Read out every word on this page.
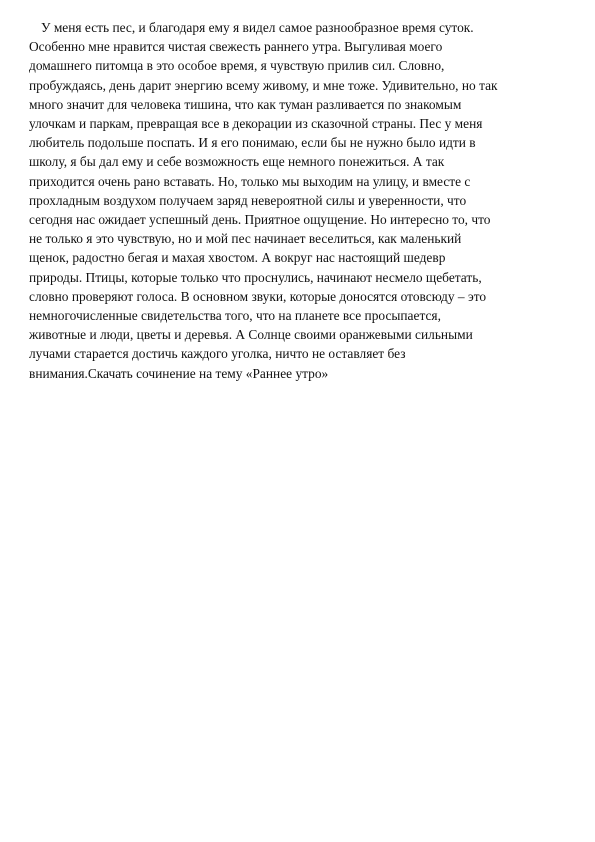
У меня есть пес, и благодаря ему я видел самое разнообразное время суток.
Особенно мне нравится чистая свежесть раннего утра. Выгуливая моего
домашнего питомца в это особое время, я чувствую прилив сил. Словно,
пробуждаясь, день дарит энергию всему живому, и мне тоже. Удивительно, но так
много значит для человека тишина, что как туман разливается по знакомым
улочкам и паркам, превращая все в декорации из сказочной страны. Пес у меня
любитель подольше поспать. И я его понимаю, если бы не нужно было идти в
школу, я бы дал ему и себе возможность еще немного понежиться. А так
приходится очень рано вставать. Но, только мы выходим на улицу, и вместе с
прохладным воздухом получаем заряд невероятной силы и уверенности, что
сегодня нас ожидает успешный день. Приятное ощущение. Но интересно то, что
не только я это чувствую, но и мой пес начинает веселиться, как маленький
щенок, радостно бегая и махая хвостом. А вокруг нас настоящий шедевр
природы. Птицы, которые только что проснулись, начинают несмело щебетать,
словно проверяют голоса. В основном звуки, которые доносятся отовсюду – это
немногочисленные свидетельства того, что на планете все просыпается,
животные и люди, цветы и деревья. А Солнце своими оранжевыми сильными
лучами старается достичь каждого уголка, ничто не оставляет без
внимания.Скачать сочинение на тему «Раннее утро»
